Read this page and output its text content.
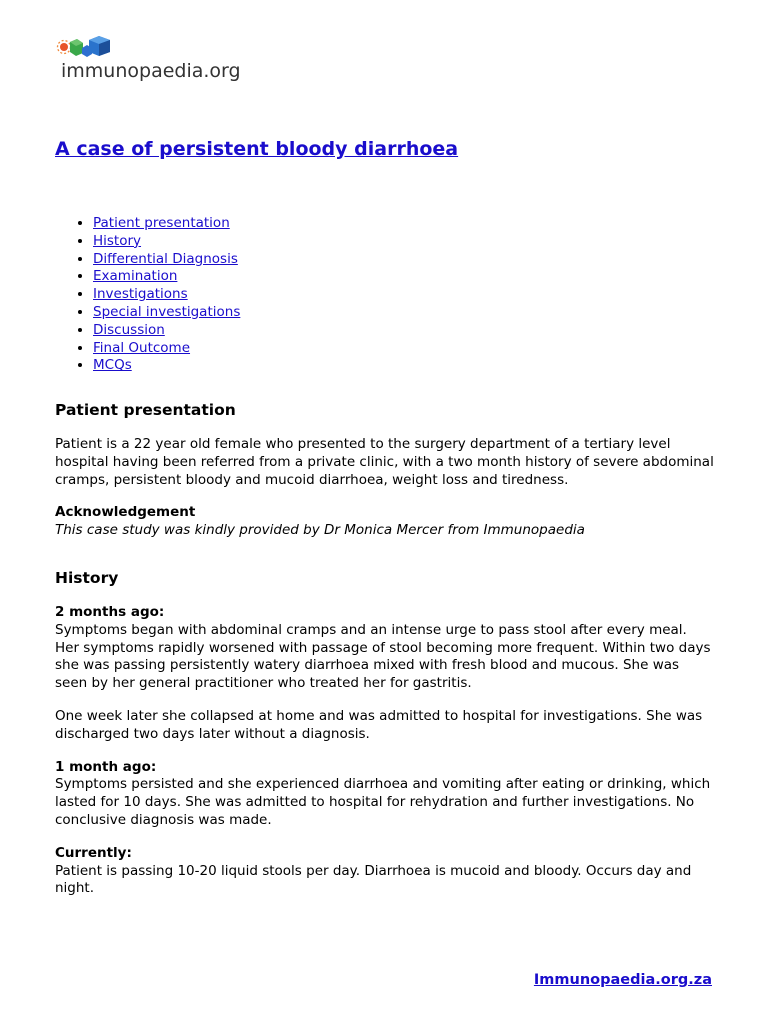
immunopaedia.org
A case of persistent bloody diarrhoea
• Patient presentation
• History
• Differential Diagnosis
• Examination
• Investigations
• Special investigations
• Discussion
• Final Outcome
• MCQs
Patient presentation

Patient is a 22 year old female who presented to the surgery department of a tertiary level hospital having been referred from a private clinic, with a two month history of severe abdominal cramps, persistent bloody and mucoid diarrhoea, weight loss and tiredness.

Acknowledgement

This case study was kindly provided by Dr Monica Mercer from Immunopaedia

History

2 months ago:

Symptoms began with abdominal cramps and an intense urge to pass stool after every meal. Her symptoms rapidly worsened with passage of stool becoming more frequent. Within two days she was passing persistently watery diarrhoea mixed with fresh blood and mucous. She was seen by her general practitioner who treated her for gastritis.

One week later she collapsed at home and was admitted to hospital for investigations. She was discharged two days later without a diagnosis.

1 month ago:

Symptoms persisted and she experienced diarrhoea and vomiting after eating or drinking, which lasted for 10 days. She was admitted to hospital for rehydration and further investigations. No conclusive diagnosis was made.

Currently:

Patient is passing 10-20 liquid stools per day. Diarrhoea is mucoid and bloody. Occurs day and night.

Immunopaedia.org.za
